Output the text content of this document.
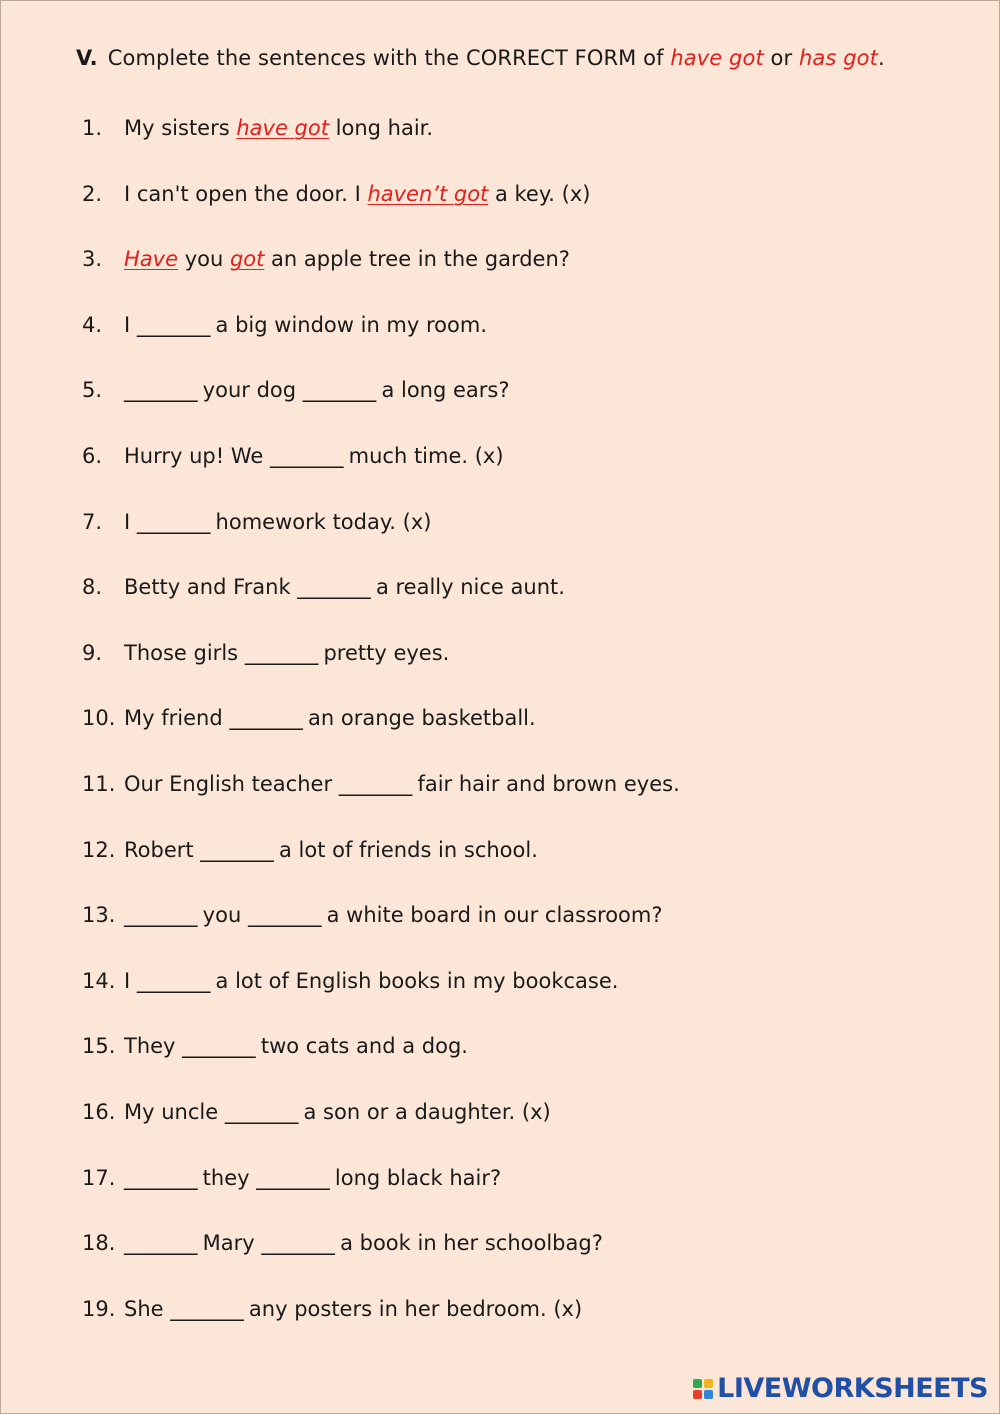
V. Complete the sentences with the CORRECT FORM of have got or has got.
1.	My sisters have got long hair.
2.	I can't open the door. I haven’t got a key. (x)
3.	Have you got an apple tree in the garden?
4.	I ________ a big window in my room.
5.	________ your dog ________ a long ears?
6.	Hurry up! We ________ much time. (x)
7.	I ________ homework today. (x)
8.	Betty and Frank ________ a really nice aunt.
9.	Those girls ________ pretty eyes.
10. My friend ________ an orange basketball.
11. Our English teacher ________ fair hair and brown eyes.
12. Robert ________ a lot of friends in school.
13. ________ you ________ a white board in our classroom?
14. I ________ a lot of English books in my bookcase.
15. They ________ two cats and a dog.
16. My uncle ________ a son or a daughter. (x)
17. ________ they ________ long black hair?
18. ________ Mary ________ a book in her schoolbag?
19. She ________ any posters in her bedroom. (x)
LIVEWORKSHEETS
